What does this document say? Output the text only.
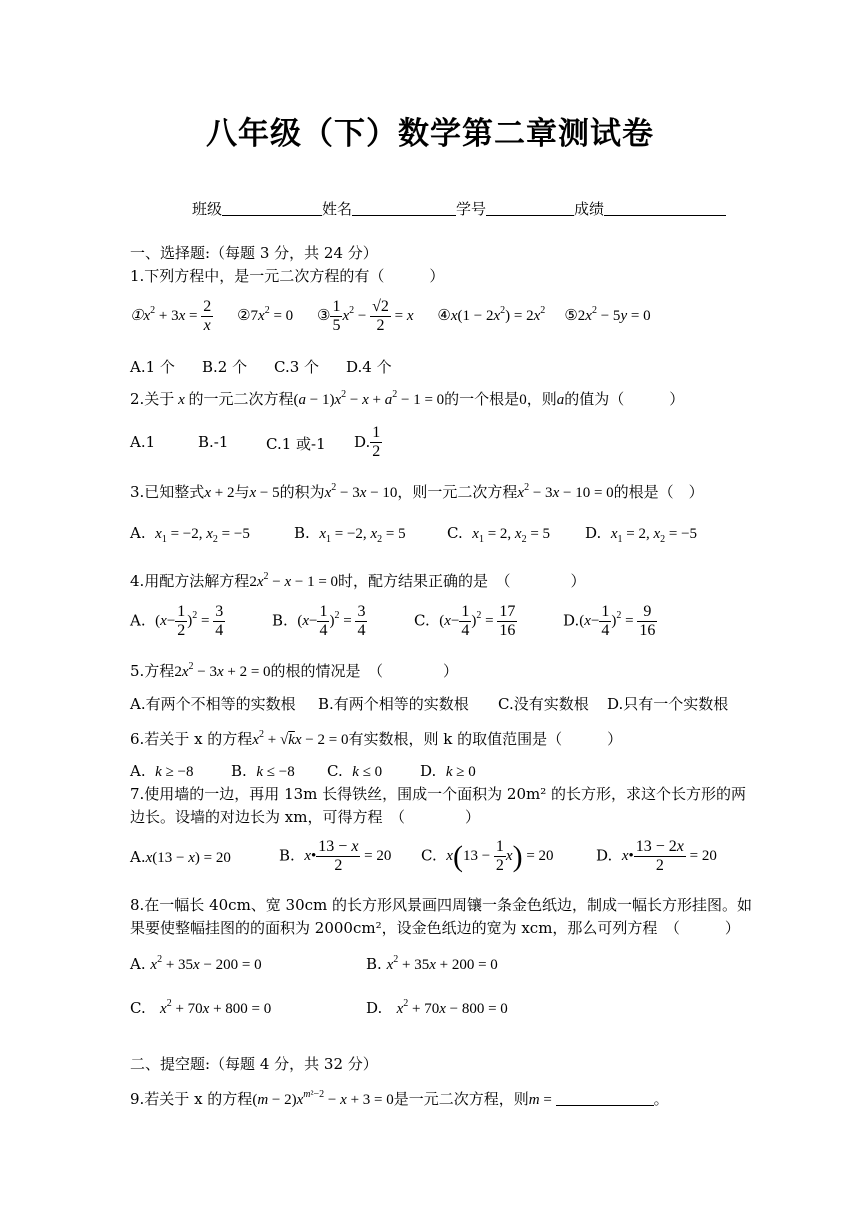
八年级（下）数学第二章测试卷
班级	姓名	学号	成绩
一、选择题:（每题 3 分，共 24 分）
1.下列方程中，是一元二次方程的有（　　　）
$①x^2 + 3x = \frac{2}{x}$ $②7x^2 = 0$ ③ $\frac{1}{5} x^2 - \frac{√2}{2} = x$ ④x(1 − $2x^2) = 2x^2$ $⑤2x^2 - 5y = 0$
A.1 个 B.2 个 C.3 个 D.4 个
2.关于 x 的一元二次方程$(a - 1)x^2 - x + a^2 - 1 = 0$的一个根是0，则a的值为（　　　）
A.1	B.-1	C.1 或-1 D. $\frac{1}{2}$
3.已知整式x + 2与x − 5的积为$x^2 - 3x - 10$，则一元二次方程$x^2 - 3x - 10 = 0$的根是（　）
A. $x_1 = -2$, $x_2 = -5$	B. $x_1 = -2$, $x_2 = 5$	C. $x_1 = 2$, $x_2 = 5$ D. $x_1 = 2$, $x_2 = -5$
4.用配方法解方程$2x^2 - x - 1 = 0$时，配方结果正确的是　（　　　　）
A. $(x- \frac{1}{2} )^2 = \frac{3}{4}$	B. $(x- \frac{1}{4} )^2 = \frac{3}{4}$	C. $(x- \frac{1}{4} )^2 = \frac{17}{16}$	$D.(x- \frac{1}{4} )^2 = \frac{9}{16}$
5.方程$2x^2 - 3x + 2 = 0$的根的情况是　（　　　　）
A.有两个不相等的实数根 B.有两个相等的实数根 C.没有实数根 D.只有一个实数根
6.若关于 x 的方程$x^2 + √kx - 2 = 0$有实数根，则 k 的取值范围是（　　　）
A. k ≥ −8 B. k ≤ −8 C. k ≤ 0	D. k ≥ 0
7.使用墙的一边，再用 13m 长得铁丝，围成一个面积为 20m² 的长方形，求这个长方形的两
边长。设墙的对边长为 xm，可得方程　（　　　　）
A.x(13 − x) = 20	B. x• $\frac{13 - x}{2} = 20$ C. $x(13 - \frac{1}{2} x) = 20$	D. x• $\frac{13 - 2x}{2} = 20$
8.在一幅长 40cm、宽 30cm 的长方形风景画四周镶一条金色纸边，制成一幅长方形挂图。如
果要使整幅挂图的的面积为 2000cm²，设金色纸边的宽为 xcm，那么可列方程　（　　　）
A. $x^2 + 35x - 200 = 0$	B. $x^2 + 35x + 200 = 0$
C. $x^2 + 70x + 800 = 0$	D. $x^2 + 70x - 800 = 0$
二、提空题:（每题 4 分，共 32 分）
9.若关于 x 的方程$(m - 2)x^{m^2-2} - x + 3 = 0$是一元二次方程，则m =	。
